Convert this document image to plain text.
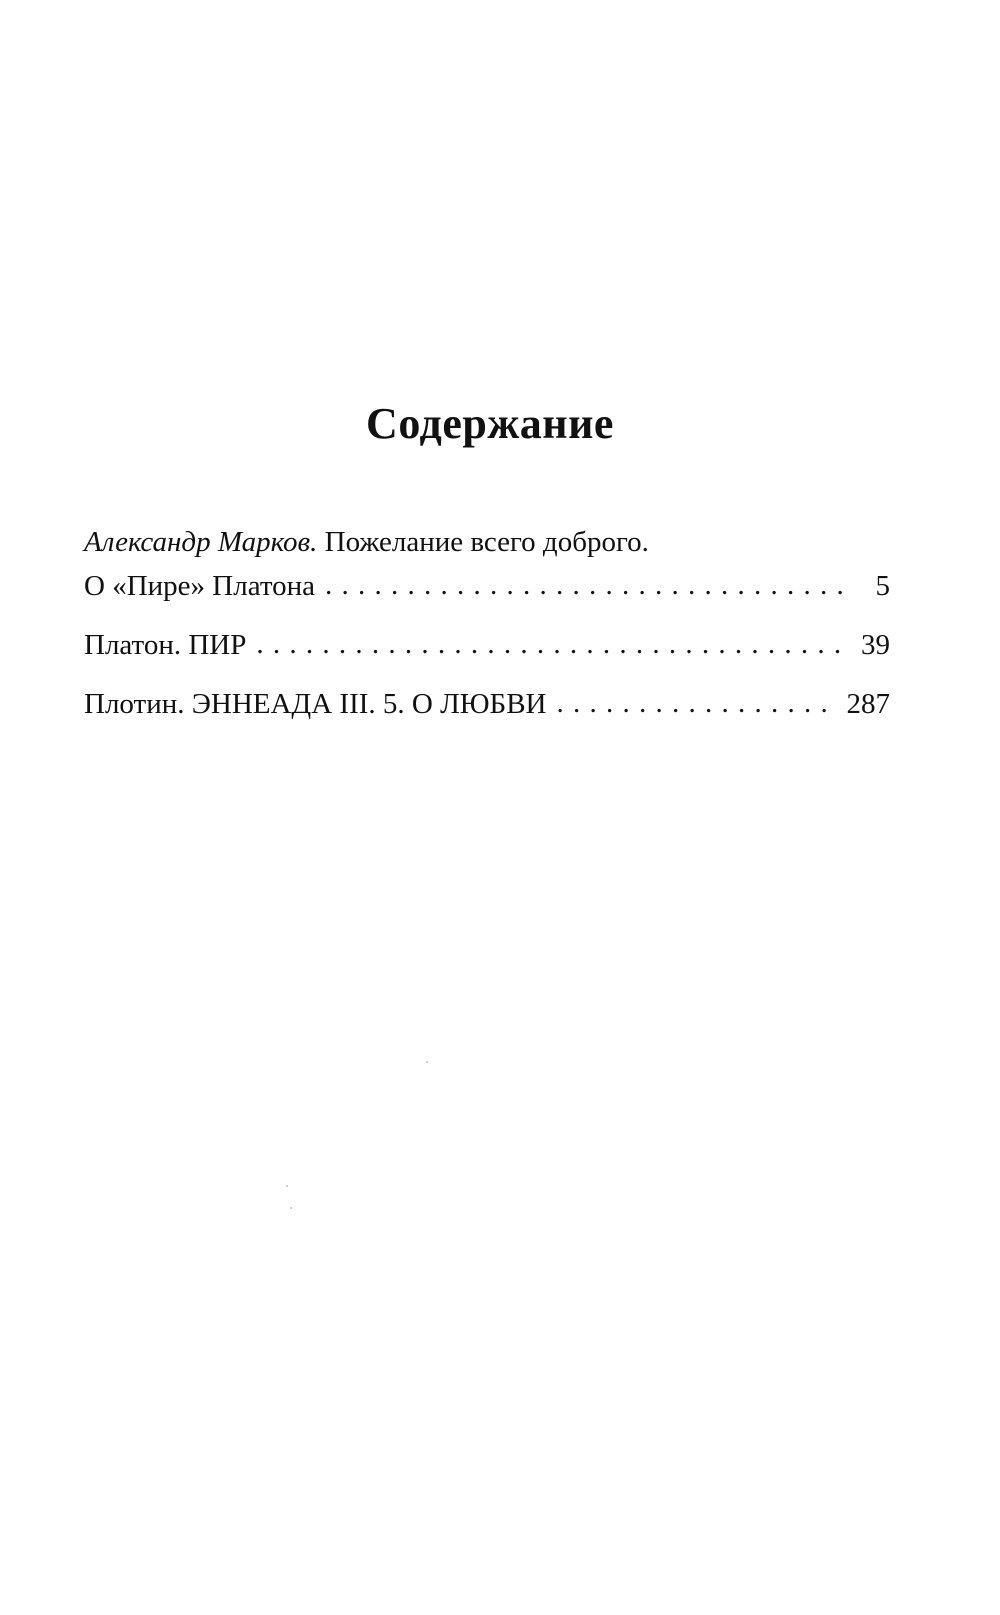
Содержание
Александр Марков. Пожелание всего доброго.
О «Пире» Платона . . .	5
Платон. ПИР . . .	39
Плотин. ЭННЕАДА III. 5. О ЛЮБВИ . . .	287
